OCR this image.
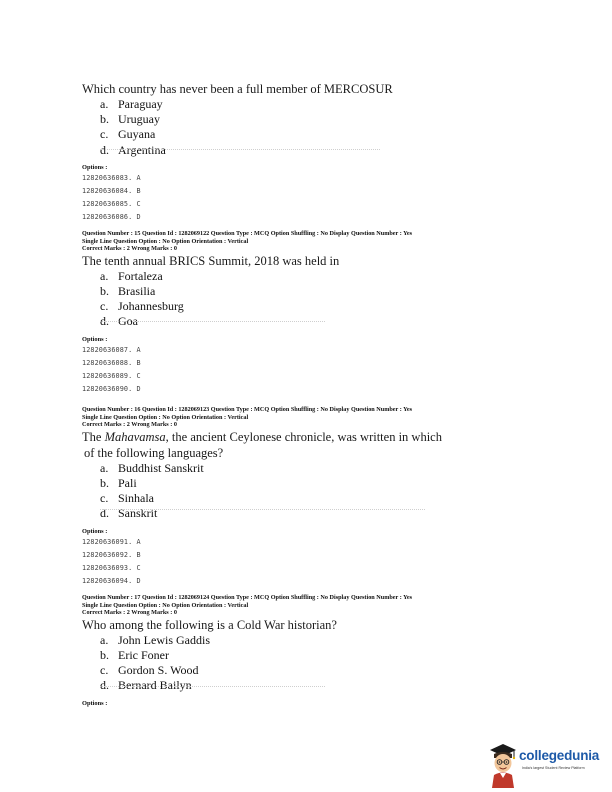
Which country has never been a full member of MERCOSUR
a. Paraguay
b. Uruguay
c. Guyana
d. Argentina
Options :
12820636083. A
12820636084. B
12820636085. C
12820636086. D
Question Number : 15 Question Id : 1282069122 Question Type : MCQ Option Shuffling : No Display Question Number : Yes
Single Line Question Option : No Option Orientation : Vertical
Correct Marks : 2 Wrong Marks : 0
The tenth annual BRICS Summit, 2018 was held in
a. Fortaleza
b. Brasilia
c. Johannesburg
d. Goa
Options :
12820636087. A
12820636088. B
12820636089. C
12820636090. D
Question Number : 16 Question Id : 1282069123 Question Type : MCQ Option Shuffling : No Display Question Number : Yes
Single Line Question Option : No Option Orientation : Vertical
Correct Marks : 2 Wrong Marks : 0
The Mahavamsa, the ancient Ceylonese chronicle, was written in which
of the following languages?
a. Buddhist Sanskrit
b. Pali
c. Sinhala
d. Sanskrit
Options :
12820636091. A
12820636092. B
12820636093. C
12820636094. D
Question Number : 17 Question Id : 1282069124 Question Type : MCQ Option Shuffling : No Display Question Number : Yes
Single Line Question Option : No Option Orientation : Vertical
Correct Marks : 2 Wrong Marks : 0
Who among the following is a Cold War historian?
a. John Lewis Gaddis
b. Eric Foner
c. Gordon S. Wood
d. Bernard Bailyn
Options :
collegedunia
India's largest Student Review Platform
